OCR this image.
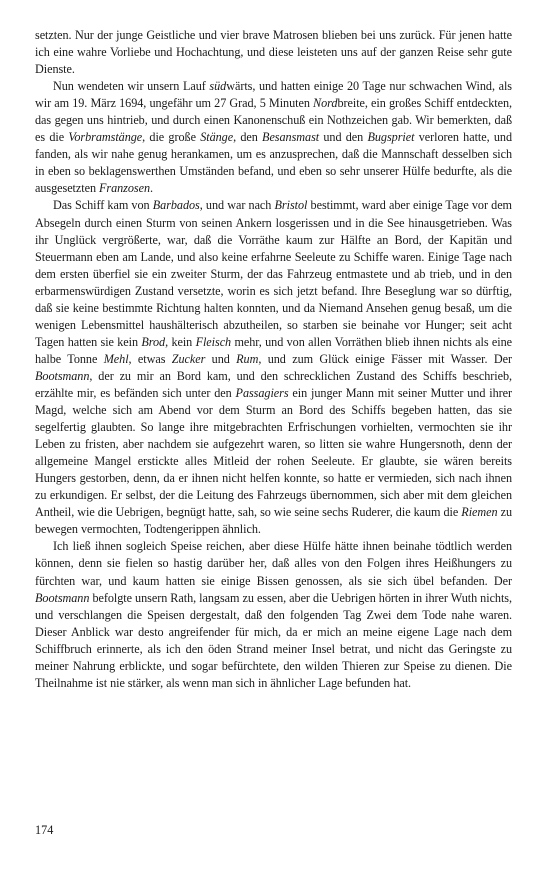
setzten. Nur der junge Geistliche und vier brave Matrosen blieben bei uns zurück. Für jenen hatte ich eine wahre Vorliebe und Hochachtung, und diese leisteten uns auf der ganzen Reise sehr gute Dienste.

Nun wendeten wir unsern Lauf südwärts, und hatten einige 20 Tage nur schwachen Wind, als wir am 19. März 1694, ungefähr um 27 Grad, 5 Minuten Nordbreite, ein großes Schiff entdeckten, das gegen uns hintrieb, und durch einen Kanonenschuß ein Nothzeichen gab. Wir bemerkten, daß es die Vorbramstänge, die große Stänge, den Besansmast und den Bugspriet verloren hatte, und fanden, als wir nahe genug herankamen, um es anzusprechen, daß die Mannschaft desselben sich in eben so beklagenswerthen Umständen befand, und eben so sehr unserer Hülfe bedurfte, als die ausgesetzten Franzosen.

Das Schiff kam von Barbados, und war nach Bristol bestimmt, ward aber einige Tage vor dem Absegeln durch einen Sturm von seinen Ankern losgerissen und in die See hinausgetrieben. Was ihr Unglück vergrößerte, war, daß die Vorräthe kaum zur Hälfte an Bord, der Kapitän und Steuermann eben am Lande, und also keine erfahrne Seeleute zu Schiffe waren. Einige Tage nach dem ersten überfiel sie ein zweiter Sturm, der das Fahrzeug entmastete und ab trieb, und in den erbarmenswürdigen Zustand versetzte, worin es sich jetzt befand. Ihre Beseglung war so dürftig, daß sie keine bestimmte Richtung halten konnten, und da Niemand Ansehen genug besaß, um die wenigen Lebensmittel haushälterisch abzutheilen, so starben sie beinahe vor Hunger; seit acht Tagen hatten sie kein Brod, kein Fleisch mehr, und von allen Vorräthen blieb ihnen nichts als eine halbe Tonne Mehl, etwas Zucker und Rum, und zum Glück einige Fässer mit Wasser. Der Bootsmann, der zu mir an Bord kam, und den schrecklichen Zustand des Schiffs beschrieb, erzählte mir, es befänden sich unter den Passagiers ein junger Mann mit seiner Mutter und ihrer Magd, welche sich am Abend vor dem Sturm an Bord des Schiffs begeben hatten, das sie segelfertig glaubten. So lange ihre mitgebrachten Erfrischungen vorhielten, vermochten sie ihr Leben zu fristen, aber nachdem sie aufgezehrt waren, so litten sie wahre Hungersnoth, denn der allgemeine Mangel erstickte alles Mitleid der rohen Seeleute. Er glaubte, sie wären bereits Hungers gestorben, denn, da er ihnen nicht helfen konnte, so hatte er vermieden, sich nach ihnen zu erkundigen. Er selbst, der die Leitung des Fahrzeugs übernommen, sich aber mit dem gleichen Antheil, wie die Uebrigen, begnügt hatte, sah, so wie seine sechs Ruderer, die kaum die Riemen zu bewegen vermochten, Todtengerippen ähnlich.

Ich ließ ihnen sogleich Speise reichen, aber diese Hülfe hätte ihnen beinahe tödtlich werden können, denn sie fielen so hastig darüber her, daß alles von den Folgen ihres Heißhungers zu fürchten war, und kaum hatten sie einige Bissen genossen, als sie sich übel befanden. Der Bootsmann befolgte unsern Rath, langsam zu essen, aber die Uebrigen hörten in ihrer Wuth nichts, und verschlangen die Speisen dergestalt, daß den folgenden Tag Zwei dem Tode nahe waren. Dieser Anblick war desto angreifender für mich, da er mich an meine eigene Lage nach dem Schiffbruch erinnerte, als ich den öden Strand meiner Insel betrat, und nicht das Geringste zu meiner Nahrung erblickte, und sogar befürchtete, den wilden Thieren zur Speise zu dienen. Die Theilnahme ist nie stärker, als wenn man sich in ähnlicher Lage befunden hat.

174
